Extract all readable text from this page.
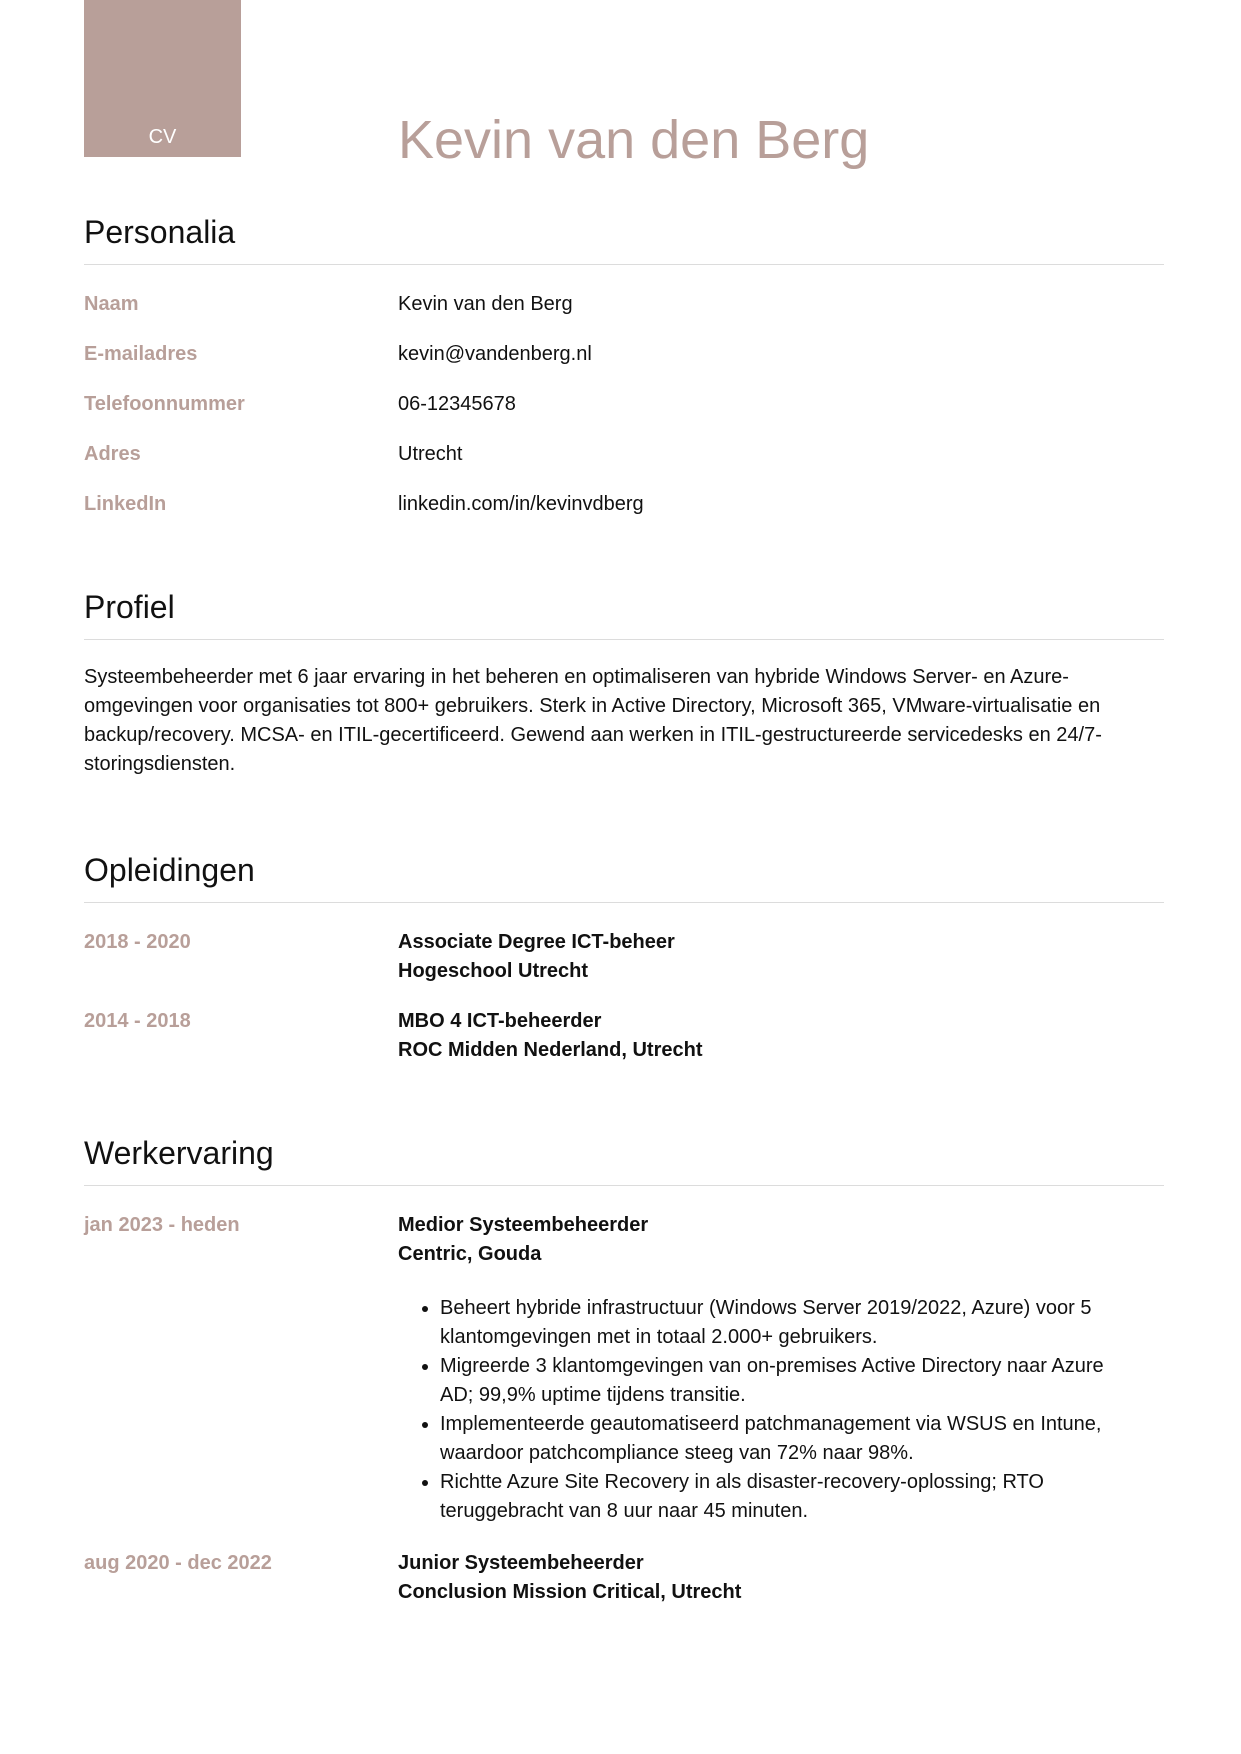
CV	Kevin van den Berg
Personalia
Naam	Kevin van den Berg
E-mailadres	kevin@vandenberg.nl
Telefoonnummer	06-12345678
Adres	Utrecht
LinkedIn	linkedin.com/in/kevinvdberg
Profiel

Systeembeheerder met 6 jaar ervaring in het beheren en optimaliseren van hybride Windows Server- en Azure-omgevingen voor organisaties tot 800+ gebruikers. Sterk in Active Directory, Microsoft 365, VMware-virtualisatie en backup/recovery. MCSA- en ITIL-gecertificeerd. Gewend aan werken in ITIL-gestructureerde servicedesks en 24/7-storingsdiensten.

Opleidingen
2018 - 2020	Associate Degree ICT-beheer
Hogeschool Utrecht
2014 - 2018	MBO 4 ICT-beheerder
ROC Midden Nederland, Utrecht
Werkervaring
jan 2023 - heden	Medior Systeembeheerder
Centric, Gouda
• Beheert hybride infrastructuur (Windows Server 2019/2022, Azure) voor 5 klantomgevingen met in totaal 2.000+ gebruikers.
• Migreerde 3 klantomgevingen van on-premises Active Directory naar Azure AD; 99,9% uptime tijdens transitie.
• Implementeerde geautomatiseerd patchmanagement via WSUS en Intune, waardoor patchcompliance steeg van 72% naar 98%.
• Richtte Azure Site Recovery in als disaster-recovery-oplossing; RTO teruggebracht van 8 uur naar 45 minuten.
aug 2020 - dec 2022	Junior Systeembeheerder
Conclusion Mission Critical, Utrecht
